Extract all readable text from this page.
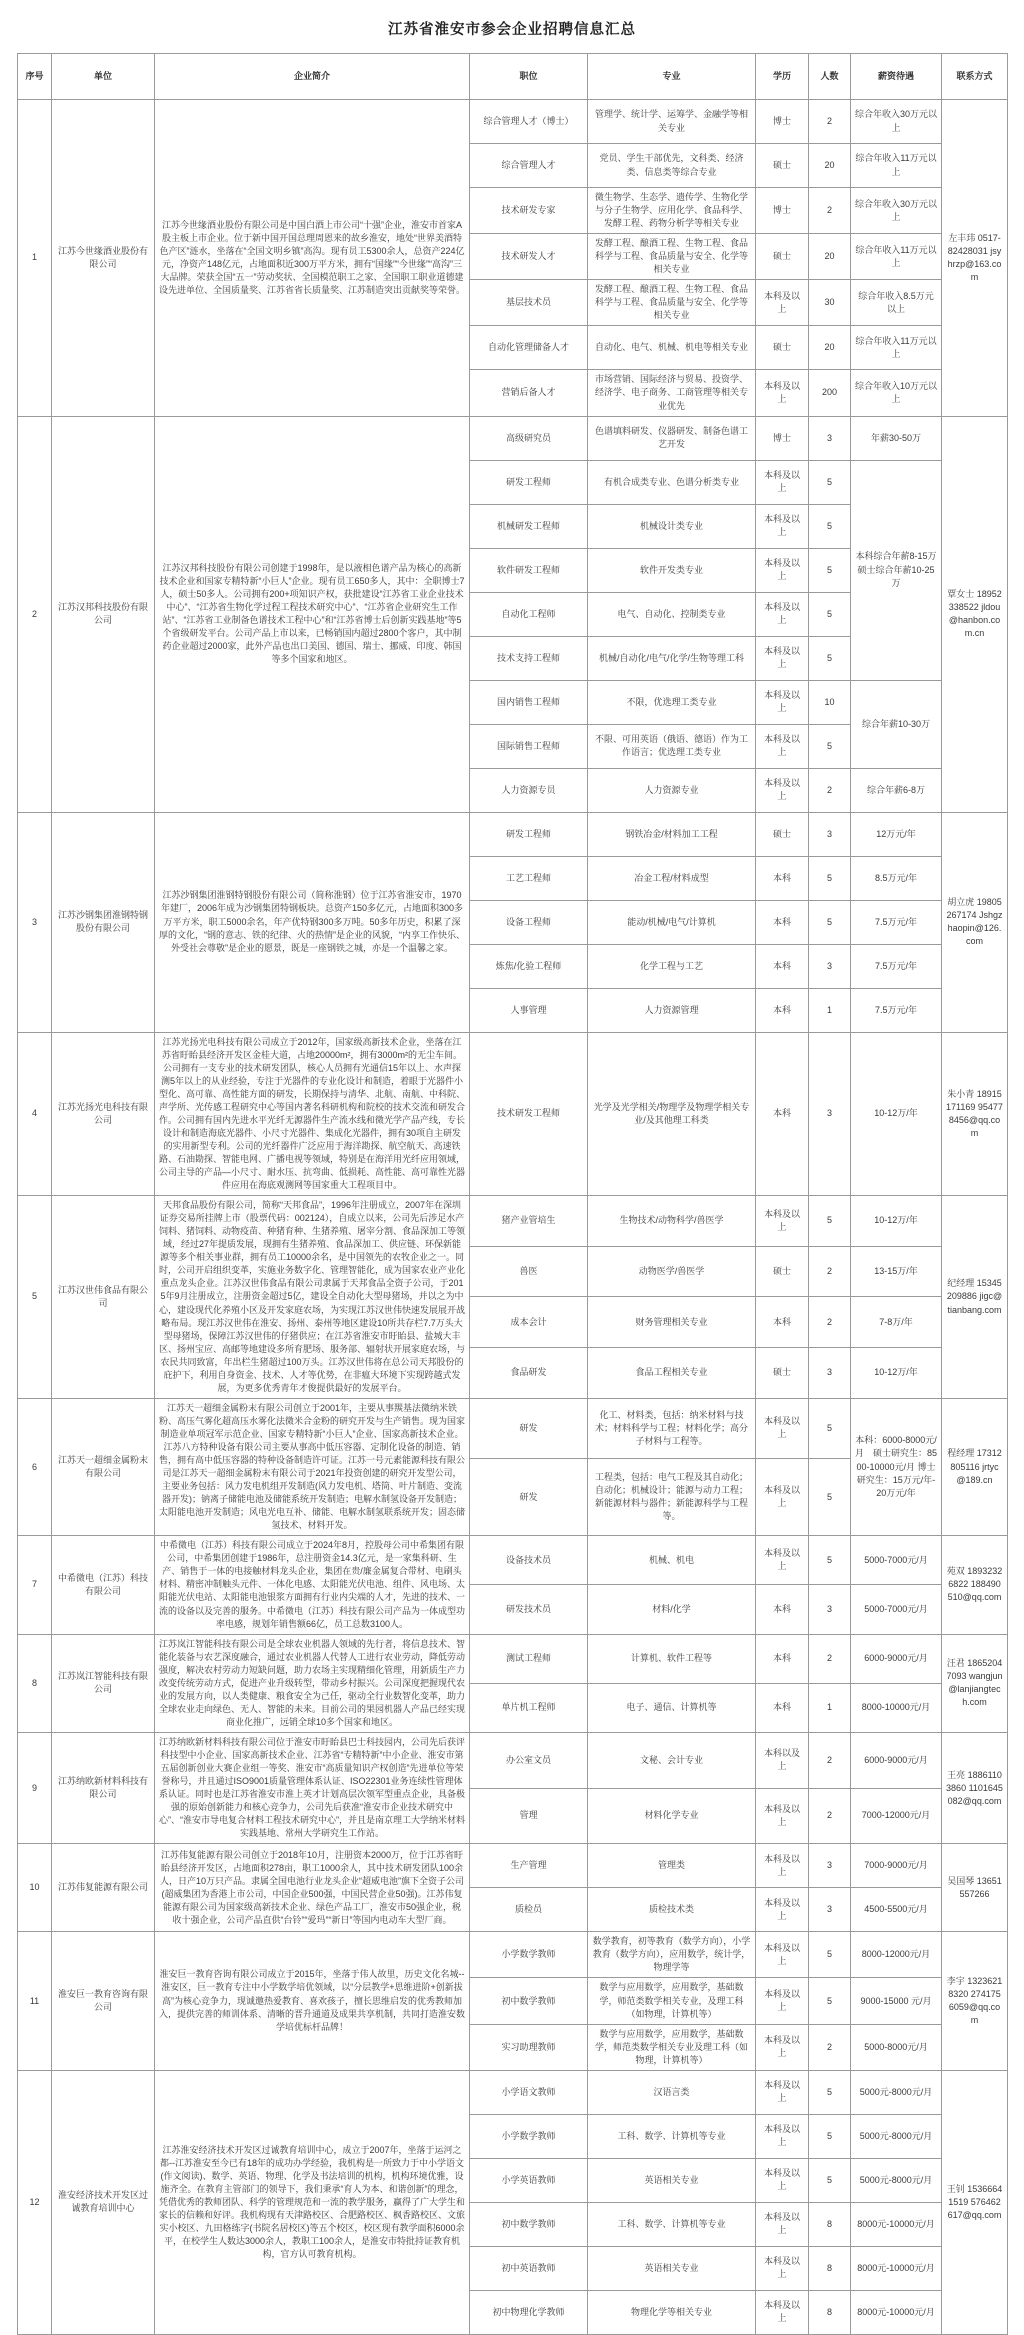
江苏省淮安市参会企业招聘信息汇总
序号	单位	企业简介	职位	专业	学历	人数	薪资待遇	联系方式
1	江苏今世缘酒业股份有限公司	江苏今世缘酒业股份有限公司是中国白酒上市公司“十强”企业，淮安市首家A股主板上市企业。位于新中国开国总理周恩来的故乡淮安，地处“世界美酒特色产区”涟水，坐落在“全国文明乡镇”高沟。现有员工5300余人，总资产224亿元，净资产148亿元，占地面积近300万平方米，拥有“国缘”“今世缘”“高沟”三大品牌。荣获全国“五一”劳动奖状、全国模范职工之家、全国职工职业道德建设先进单位、全国质量奖、江苏省省长质量奖、江苏制造突出贡献奖等荣誉。	综合管理人才（博士）	管理学、统计学、运筹学、金融学等相关专业	博士	2	综合年收入30万元以上	左丰玮 0517-82428031 jsyhrzp@163.com
			综合管理人才	党员、学生干部优先，文科类、经济类、信息类等综合专业	硕士	20	综合年收入11万元以上	
			技术研发专家	微生物学、生态学、遗传学、生物化学与分子生物学、应用化学、食品科学、发酵工程、药物分析学等相关专业	博士	2	综合年收入30万元以上	
			技术研发人才	发酵工程、酿酒工程、生物工程、食品科学与工程、食品质量与安全、化学等相关专业	硕士	20	综合年收入11万元以上	
			基层技术员	发酵工程、酿酒工程、生物工程、食品科学与工程、食品质量与安全、化学等相关专业	本科及以上	30	综合年收入8.5万元以上	
			自动化管理储备人才	自动化、电气、机械、机电等相关专业	硕士	20	综合年收入11万元以上	
			营销后备人才	市场营销、国际经济与贸易、投资学、经济学、电子商务、工商管理等相关专业优先	本科及以上	200	综合年收入10万元以上	
2	江苏汉邦科技股份有限公司	江苏汉邦科技股份有限公司创建于1998年，是以液相色谱产品为核心的高新技术企业和国家专精特新“小巨人”企业。现有员工650多人，其中：全职博士7人，硕士50多人。公司拥有200+项知识产权，获批建设“江苏省工业企业技术中心”、“江苏省生物化学过程工程技术研究中心”、“江苏省企业研究生工作站”、“江苏省工业制备色谱技术工程中心”和“江苏省博士后创新实践基地”等5个省级研发平台。公司产品上市以来，已畅销国内超过2800个客户，其中制药企业超过2000家，此外产品也出口美国、德国、瑞士、挪威、印度、韩国等多个国家和地区。	高级研究员	色谱填料研发、仪器研发、制备色谱工艺开发	博士	3	年薪30-50万	覃女士 18952338522 jldou@hanbon.com.cn
			研发工程师	有机合成类专业、色谱分析类专业	本科及以上	5	本科综合年薪8-15万 硕士综合年薪10-25万	
			机械研发工程师	机械设计类专业	本科及以上	5		
			软件研发工程师	软件开发类专业	本科及以上	5		
			自动化工程师	电气、自动化、控制类专业	本科及以上	5		
			技术支持工程师	机械/自动化/电气/化学/生物等理工科	本科及以上	5		
			国内销售工程师	不限，优选理工类专业	本科及以上	10	综合年薪10-30万	
			国际销售工程师	不限、可用英语（俄语、德语）作为工作语言；优选理工类专业	本科及以上	5		
			人力资源专员	人力资源专业	本科及以上	2	综合年薪6-8万	
3	江苏沙钢集团淮钢特钢股份有限公司	江苏沙钢集团淮钢特钢股份有限公司（简称淮钢）位于江苏省淮安市，1970年建厂，2006年成为沙钢集团特钢板块。总资产150多亿元，占地面积300多万平方米，职工5000余名，年产优特钢300多万吨。50多年历史，积累了深厚的文化，“钢的意志、铁的纪律、火的热情”是企业的风貌，“内享工作快乐、外受社会尊敬”是企业的愿景，既是一座钢铁之城，亦是一个温馨之家。	研发工程师	钢铁冶金/材料加工工程	硕士	3	12万元/年	胡立虎 19805267174 Jshgzhaopin@126.com
			工艺工程师	冶金工程/材料成型	本科	5	8.5万元/年	
			设备工程师	能动/机械/电气/计算机	本科	5	7.5万元/年	
			炼焦/化验工程师	化学工程与工艺	本科	3	7.5万元/年	
			人事管理	人力资源管理	本科	1	7.5万元/年	
4	江苏光扬光电科技有限公司	江苏光扬光电科技有限公司成立于2012年，国家级高新技术企业，坐落在江苏省盱眙县经济开发区金桂大道，占地20000m²，拥有3000m²的无尘车间。公司拥有一支专业的技术研发团队，核心人员拥有光通信15年以上、水声探测5年以上的从业经验，专注于光器件的专业化设计和制造，着眼于光器件小型化、高可靠、高性能方面的研发，长期保持与清华、北航、南航、中科院、声学所、光传感工程研究中心等国内著名科研机构和院校的技术交流和研发合作。公司拥有国内先进水平光纤无源器件生产流水线和微光学产品产线，专长设计和制造海底光器件、小尺寸光器件、集成化光器件，拥有30项自主研发的实用新型专利。公司的光纤器件广泛应用于海洋勘探、航空航天、高速铁路、石油勘探、智能电网、广播电视等领域，特别是在海洋用光纤应用领域，公司主导的产品—小尺寸、耐水压、抗弯曲、低损耗、高性能、高可靠性光器件应用在海底观测网等国家重大工程项目中。	技术研发工程师	光学及光学相关/物理学及物理学相关专业/及其他理工科类	本科	3	10-12万/年	朱小青 18915171169 954778456@qq.com
5	江苏汉世伟食品有限公司	天邦食品股份有限公司，简称“天邦食品”，1996年注册成立，2007年在深圳证券交易所挂牌上市（股票代码：002124），自成立以来，公司先后涉足水产饲料、猪饲料、动物疫苗、种猪育种、生猪养殖、屠宰分割、食品深加工等领域，经过27年提质发展，现拥有生猪养殖、食品深加工、供应链、环保新能源等多个相关事业群，拥有员工10000余名，是中国领先的农牧企业之一。同时，公司开启组织变革，实施业务数字化、管理智能化，成为国家农业产业化重点龙头企业。江苏汉世伟食品有限公司隶属于天邦食品全资子公司，于2015年9月注册成立，注册资金超过5亿，建设全自动化大型母猪场，并以之为中心，建设现代化养殖小区及开发家庭农场，为实现江苏汉世伟快速发展展开战略布局。现江苏汉世伟在淮安、扬州、泰州等地区建设10所共存栏7.7万头大型母猪场，保障江苏汉世伟的仔猪供应；在江苏省淮安市盱眙县、盐城大丰区、扬州宝应、高邮等地建设多所育肥场、服务部、辐射状开展家庭农场，与农民共同致富，年出栏生猪超过100万头。江苏汉世伟将在总公司天邦股份的庇护下，利用自身资金、技术、人才等优势，在非瘟大环境下实现跨越式发展，为更多优秀青年才俊提供最好的发展平台。	猪产业管培生	生物技术/动物科学/兽医学	本科及以上	5	10-12万/年	纪经理 15345209886 jigc@tianbang.com
			兽医	动物医学/兽医学	硕士	2	13-15万/年	
			成本会计	财务管理相关专业	本科	2	7-8万/年	
			食品研发	食品工程相关专业	硕士	3	10-12万/年	
6	江苏天一超细金属粉末有限公司	江苏天一超细金属粉末有限公司创立于2001年，主要从事羰基法微纳米铁粉、高压气雾化超高压水雾化法微米合金粉的研究开发与生产销售。现为国家制造业单项冠军示范企业、国家专精特新“小巨人”企业、国家高新技术企业。江苏八方特种设备有限公司主要从事高中低压容器、定制化设备的制造、销售，拥有高中低压容器的特种设备制造许可证。江苏一号元素能源科技有限公司是江苏天一超细金属粉末有限公司于2021年投资创建的研究开发型公司，主要业务包括：风力发电机组开发制造(风力发电机、塔筒、叶片制造、变流器开发)；钠离子储能电池及储能系统开发制造；电解水制氢设备开发制造；太阳能电池开发制造；风电光电互补、储能、电解水制氢联系统开发；固态储氢技术、材料开发。	研发	化工、材料类，包括：纳米材料与技术；材料科学与工程；材料化学；高分子材料与工程等。	本科及以上	5	本科：6000-8000元/月　硕士研究生：8500-10000元/月 博士研究生：15万元/年-20万元/年	程经理 17312805116 jrtyc@189.cn
			研发	工程类，包括：电气工程及其自动化；自动化；机械设计；能源与动力工程；新能源材料与器件；新能源科学与工程等。	本科及以上	5		
7	中希微电（江苏）科技有限公司	中希微电（江苏）科技有限公司成立于2024年8月，控股母公司中希集团有限公司，中希集团创建于1986年，总注册资金14.3亿元，是一家集科研、生产、销售于一体的电接触材料龙头企业，集团在贵/廉金属复合带材、电刷头材料、精密冲制触头元件、一体化电感、太阳能光伏电池、组件、风电场、太阳能光伏电站、太阳能电池银浆方面拥有行业内尖端的人才，先进的技术、一流的设备以及完善的服务。中希微电（江苏）科技有限公司产品为一体成型功率电感，规划年销售额66亿，员工总数3100人。	设备技术员	机械、机电	本科及以上	5	5000-7000元/月	苑双 18932326822 188490510@qq.com
			研发技术员	材料/化学	本科	3	5000-7000元/月	
8	江苏岚江智能科技有限公司	江苏岚江智能科技有限公司是全球农业机器人领域的先行者，将信息技术、智能化装备与农艺深度融合，通过农业机器人代替人工进行农业劳动，降低劳动强度，解决农村劳动力短缺问题，助力农场主实现精细化管理，用新质生产力改变传统劳动方式，促进产业升级转型，带动乡村振兴。公司深度把握现代农业的发展方向，以人类健康、粮食安全为己任，驱动全行业数智化变革，助力全球农业走向绿色、无人、智能的未来。目前公司的果园机器人产品已经实现商业化推广，远销全球10多个国家和地区。	测试工程师	计算机、软件工程等	本科	2	6000-9000元/月	汪君 18652047093 wangjun@lanjiangtech.com
			单片机工程师	电子、通信、计算机等	本科	1	8000-10000元/月	
9	江苏纳欧新材料科技有限公司	江苏纳欧新材料科技有限公司位于淮安市盱眙县巴士科技园内，公司先后获评科技型中小企业、国家高新技术企业、江苏省“专精特新”中小企业、淮安市第五届创新创业大赛企业组一等奖、淮安市“高质量知识产权创造”先进单位等荣誉称号，并且通过ISO9001质量管理体系认证、ISO22301业务连续性管理体系认证。同时也是江苏省淮安市淮上英才计划高层次领军型重点企业，具备极强的原始创新能力和核心竞争力，公司先后获准“淮安市企业技术研究中心”、“淮安市导电复合材料工程技术研究中心”，并且是南京理工大学纳米材料实践基地、常州大学研究生工作站。	办公室文员	文秘、会计专业	本科以及上	2	6000-9000元/月	王亮 18861103860 1101645082@qq.com
			管理	材料化学专业	本科及以上	2	7000-12000元/月	
10	江苏伟复能源有限公司	江苏伟复能源有限公司创立于2018年10月，注册资本2000万，位于江苏省盱眙县经济开发区，占地面积278亩，职工1000余人，其中技术研发团队100余人，日产10万只产品。隶属全国电池行业龙头企业“超威电池”旗下全资子公司(超威集团为香港上市公司，中国企业500强，中国民营企业50强)。江苏伟复能源有限公司为国家级高新技术企业、绿色产品工厂，淮安市50强企业，税收十强企业，公司产品直供“台铃”“爱玛”“新日”等国内电动车大型厂商。	生产管理	管理类	本科及以上	3	7000-9000元/月	吴国琴 13651557266
			质检员	质检技术类	本科及以上	3	4500-5500元/月	
11	淮安巨一教育咨询有限公司	淮安巨一教育咨询有限公司成立于2015年，坐落于伟人故里，历史文化名城--淮安区，巨一教育专注中小学数学培优领域，以“分层教学+思维进阶+创新拔高”为核心竞争力，现诚邀热爱教育、喜欢孩子，擅长思维启发的优秀教师加入，提供完善的师训体系、清晰的晋升通道及成果共享机制，共同打造淮安数学培优标杆品牌！	小学数学教师	数学教育，初等教育（数学方向），小学教育（数学方向），应用数学，统计学，物理学等	本科及以上	5	8000-12000元/月	李宇 13236218320 2741756059@qq.com
			初中数学教师	数学与应用数学，应用数学，基础数学，师范类数学相关专业，及理工科（如物理，计算机等）	本科及以上	5	9000-15000 元/月	
			实习助理教师	数学与应用数学，应用数学，基础数学，师范类数学相关专业及理工科（如物理，计算机等）	本科及以上	2	5000-8000元/月	
12	淮安经济技术开发区过诚教育培训中心	江苏淮安经济技术开发区过诚教育培训中心，成立于2007年，坐落于运河之都--江苏淮安至今已有18年的成功办学经验，我机构是一所致力于中小学语文(作文阅读)、数学、英语、物理、化学及书法培训的机构，机构环境优雅，设施齐全。在教育主管部门的领导下，我们秉承“育人为本、和谐创新”的理念，凭借优秀的教师团队、科学的管理规范和一流的教学服务，赢得了广大学生和家长的信赖和好评。我机构现有天津路校区、合肥路校区、枫香路校区、文旅实小校区、九田格练字(书院名居校区)等五个校区，校区现有教学面积6000余平，在校学生人数达3000余人，教职工100余人，是淮安市特批持证教育机构，官方认可教育机构。	小学语文教师	汉语言类	本科及以上	5	5000元-8000元/月	王钊 15366641519 576462617@qq.com
			小学数学教师	工科、数学、计算机等专业	本科及以上	5	5000元-8000元/月	
			小学英语教师	英语相关专业	本科及以上	5	5000元-8000元/月	
			初中数学教师	工科、数学、计算机等专业	本科及以上	8	8000元-10000元/月	
			初中英语教师	英语相关专业	本科及以上	8	8000元-10000元/月	
			初中物理化学教师	物理化学等相关专业	本科及以上	8	8000元-10000元/月	
